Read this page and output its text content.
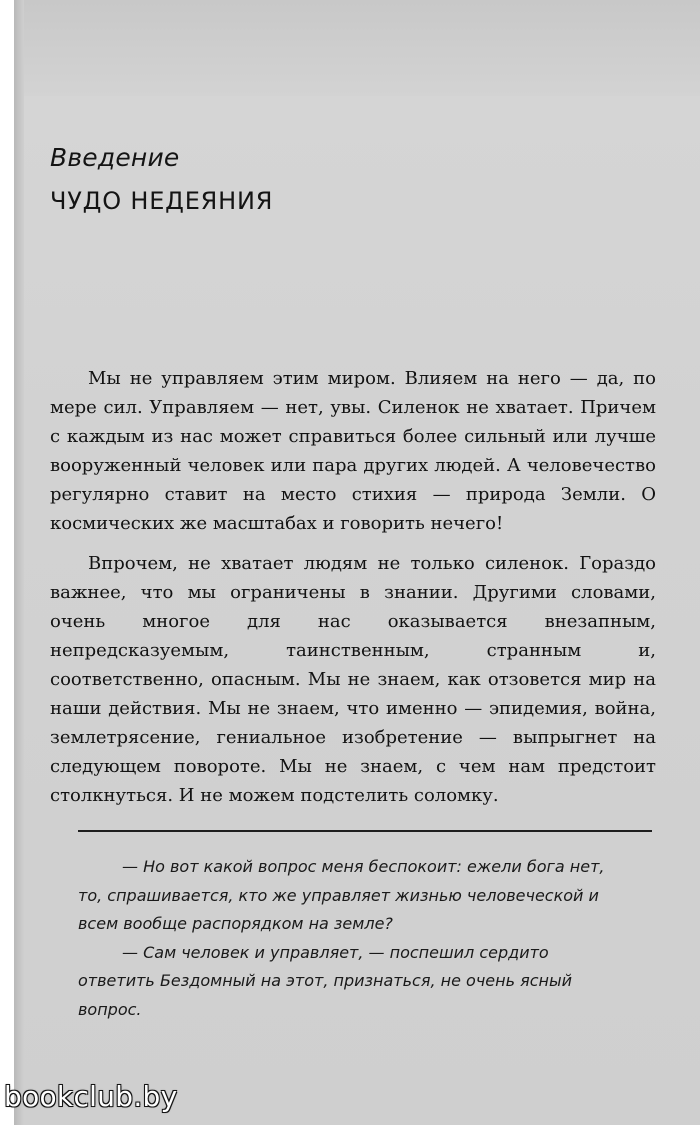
Введение
ЧУДО НЕДЕЯНИЯ

Мы не управляем этим миром. Влияем на него — да, по мере сил. Управляем — нет, увы. Силенок не хватает. Причем с каждым из нас может справиться более сильный или лучше вооруженный человек или пара других людей. А человечество регулярно ставит на место стихия — природа Земли. О космических же масштабах и говорить нечего!

Впрочем, не хватает людям не только силенок. Гораздо важнее, что мы ограничены в знании. Другими словами, очень многое для нас оказывается внезапным, непредсказуемым, таинственным, странным и, соответственно, опасным. Мы не знаем, как отзовется мир на наши действия. Мы не знаем, что именно — эпидемия, война, землетрясение, гениальное изобретение — выпрыгнет на следующем повороте. Мы не знаем, с чем нам предстоит столкнуться. И не можем подстелить соломку.

— Но вот какой вопрос меня беспокоит: ежели бога нет, то, спрашивается, кто же управляет жизнью человеческой и всем вообще распорядком на земле?

— Сам человек и управляет, — поспешил сердито ответить Бездомный на этот, признаться, не очень ясный вопрос.

bookclub.by
